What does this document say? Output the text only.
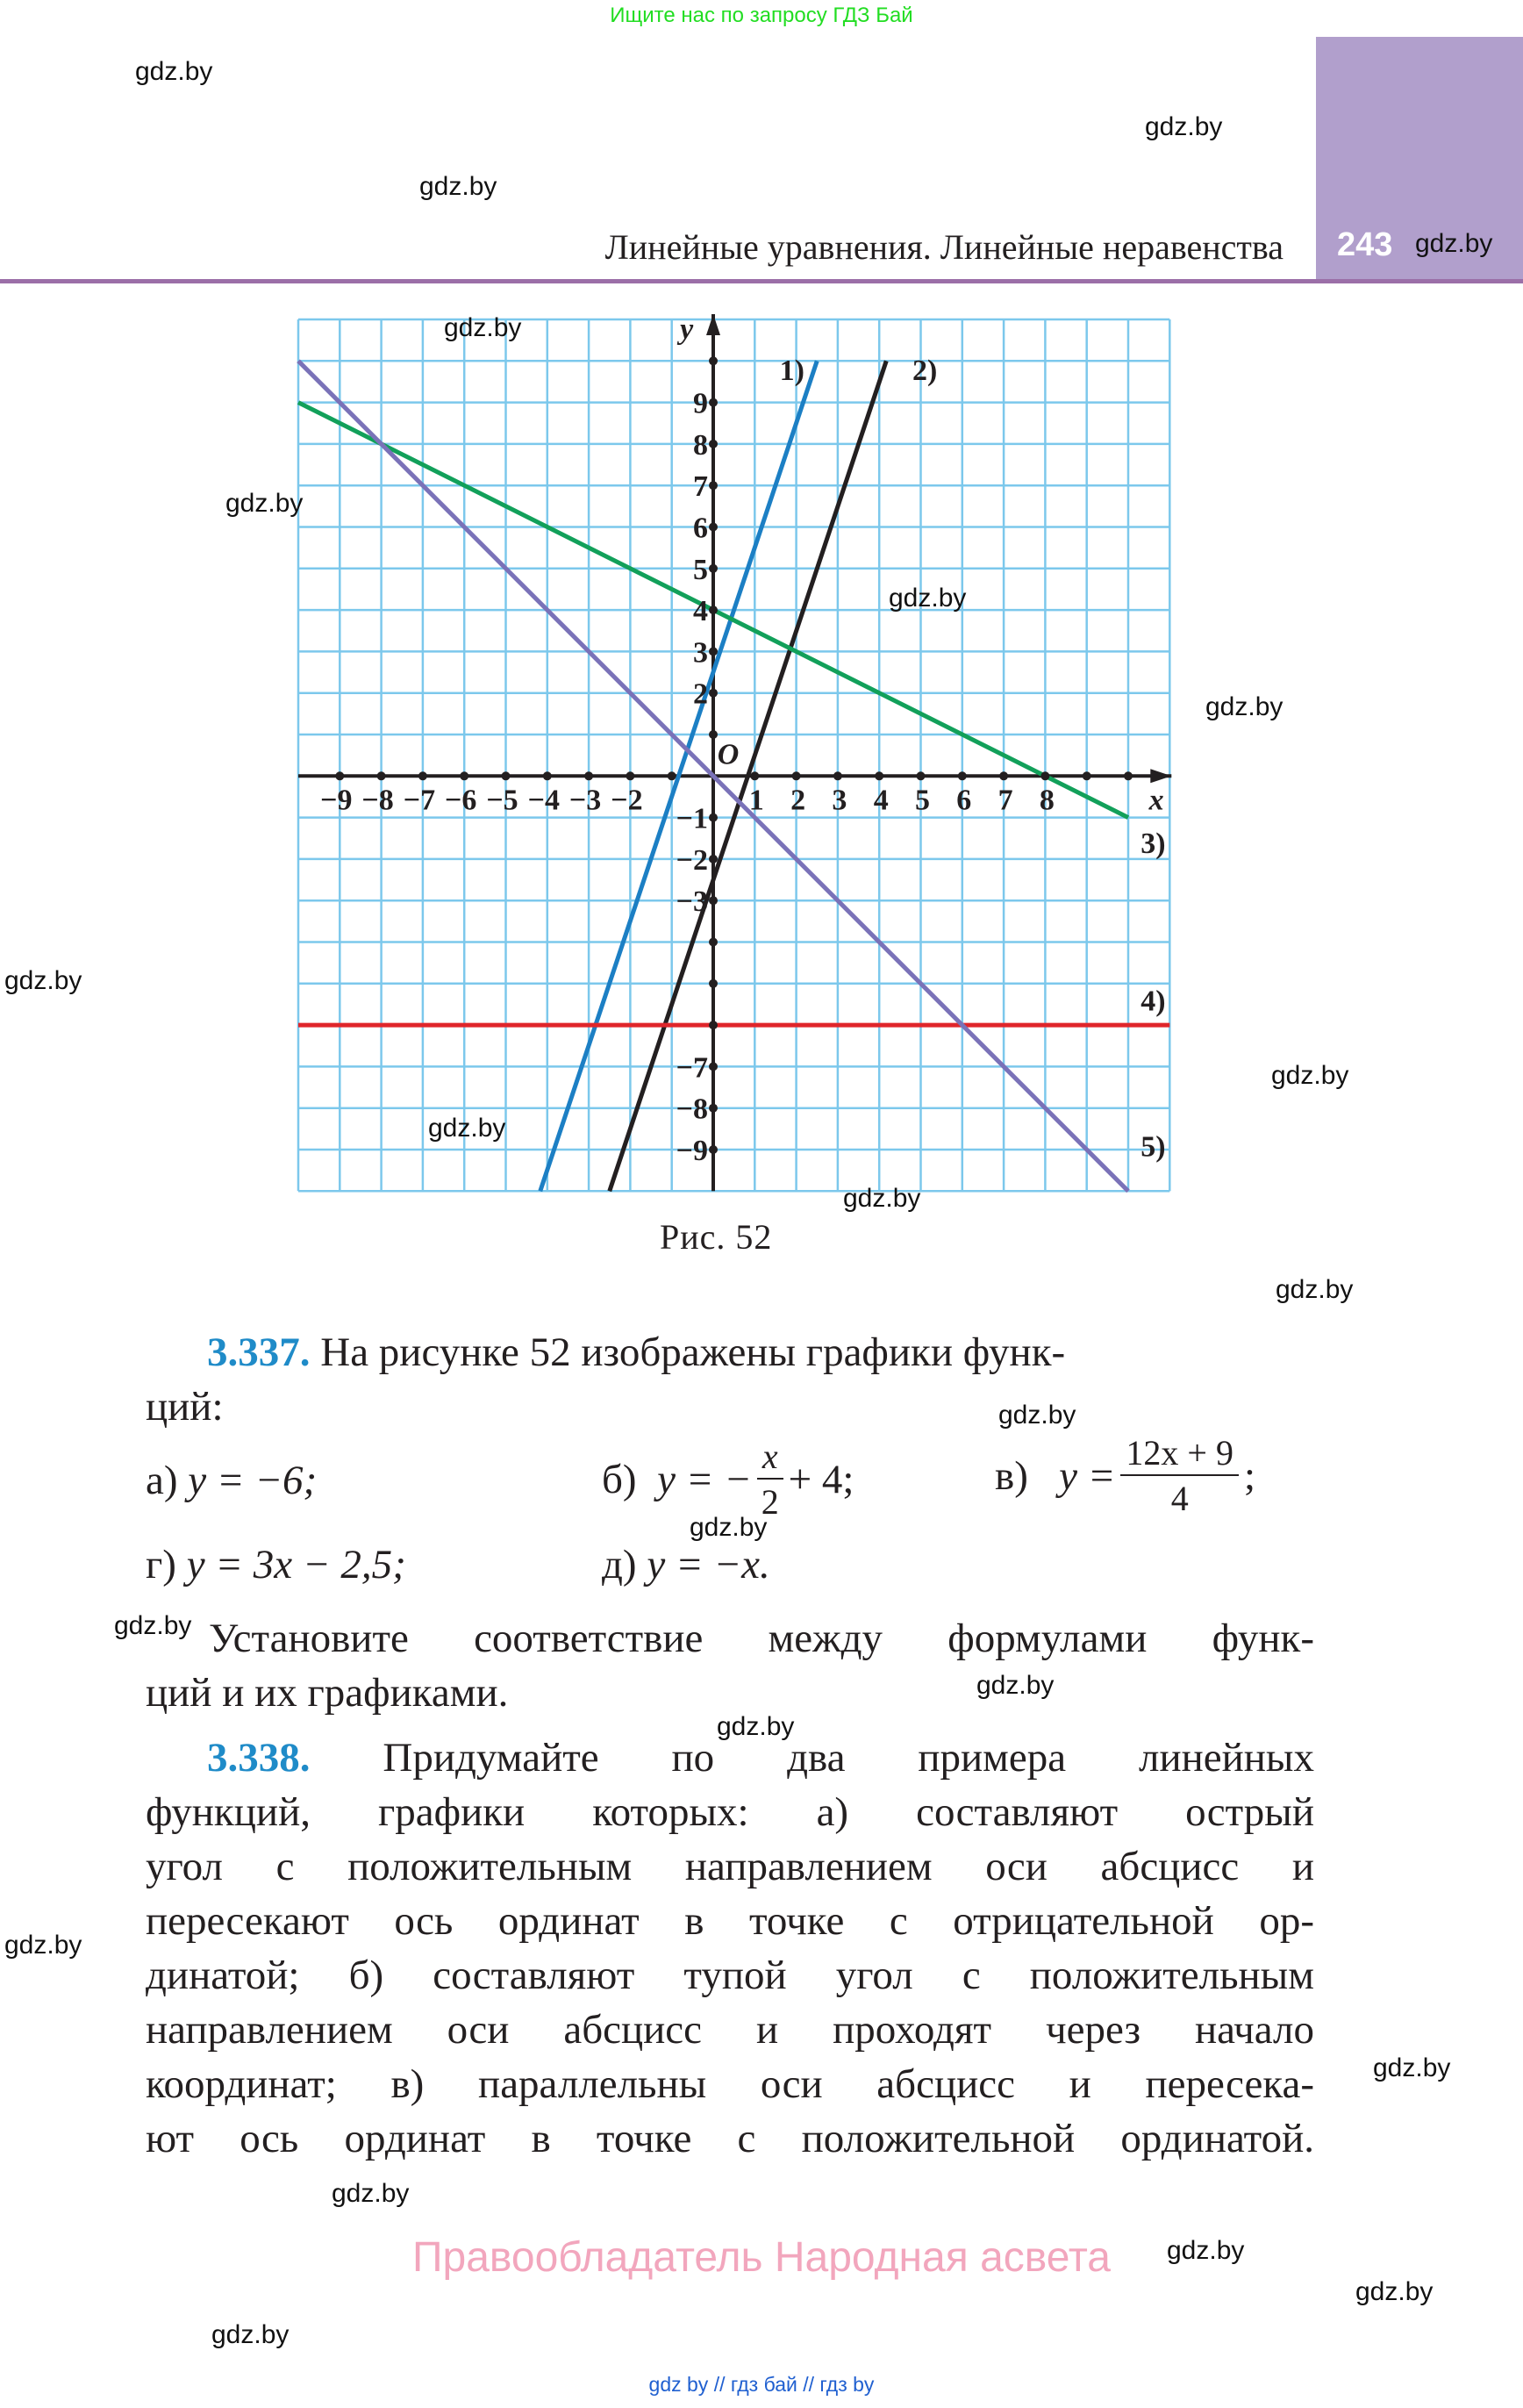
Ищите нас по запросу ГДЗ Бай
Линейные уравнения. Линейные неравенства 243
1)	2)
3)
4)
5)
−9 −8 −7 −6 −5 −4 −3 −2	1 2 3 4 5 6 7 8
9
8
7
6
5
4
3
2
−1
−2
−3
−7
−8
−9
O
x
y
Рис. 52
3.337. На рисунке 52 изображены графики функ-
ций:
а) y = −6;	б)
y = − $\frac{x}{2} + 4$;	в)
$y = \frac{12x + 9}{4}$ ;
г) y = 3x − 2,5;	д) y = −x.
Установите соответствие между формулами функ-
ций и их графиками.
3.338. Придумайте по два примера линейных
функций, графики которых: а) составляют острый
угол с положительным направлением оси абсцисс и
пересекают ось ординат в точке с отрицательной ор-
динатой; б) составляют тупой угол с положительным
направлением оси абсцисс и проходят через начало
координат; в) параллельны оси абсцисс и пересека-
ют ось ординат в точке с положительной ординатой.
gdz.by
gdz.by
gdz.by
gdz.by
gdz.by
gdz.by
gdz.by
gdz.by
gdz.by
gdz.by
gdz.by
gdz.by
gdz.by
gdz.by
gdz.by
gdz.by
gdz.by
gdz.by
gdz.by
gdz.by
gdz.by
gdz.by
gdz.by
gdz.by
Правообладатель Народная асвета
gdz by // гдз бай // гдз by
